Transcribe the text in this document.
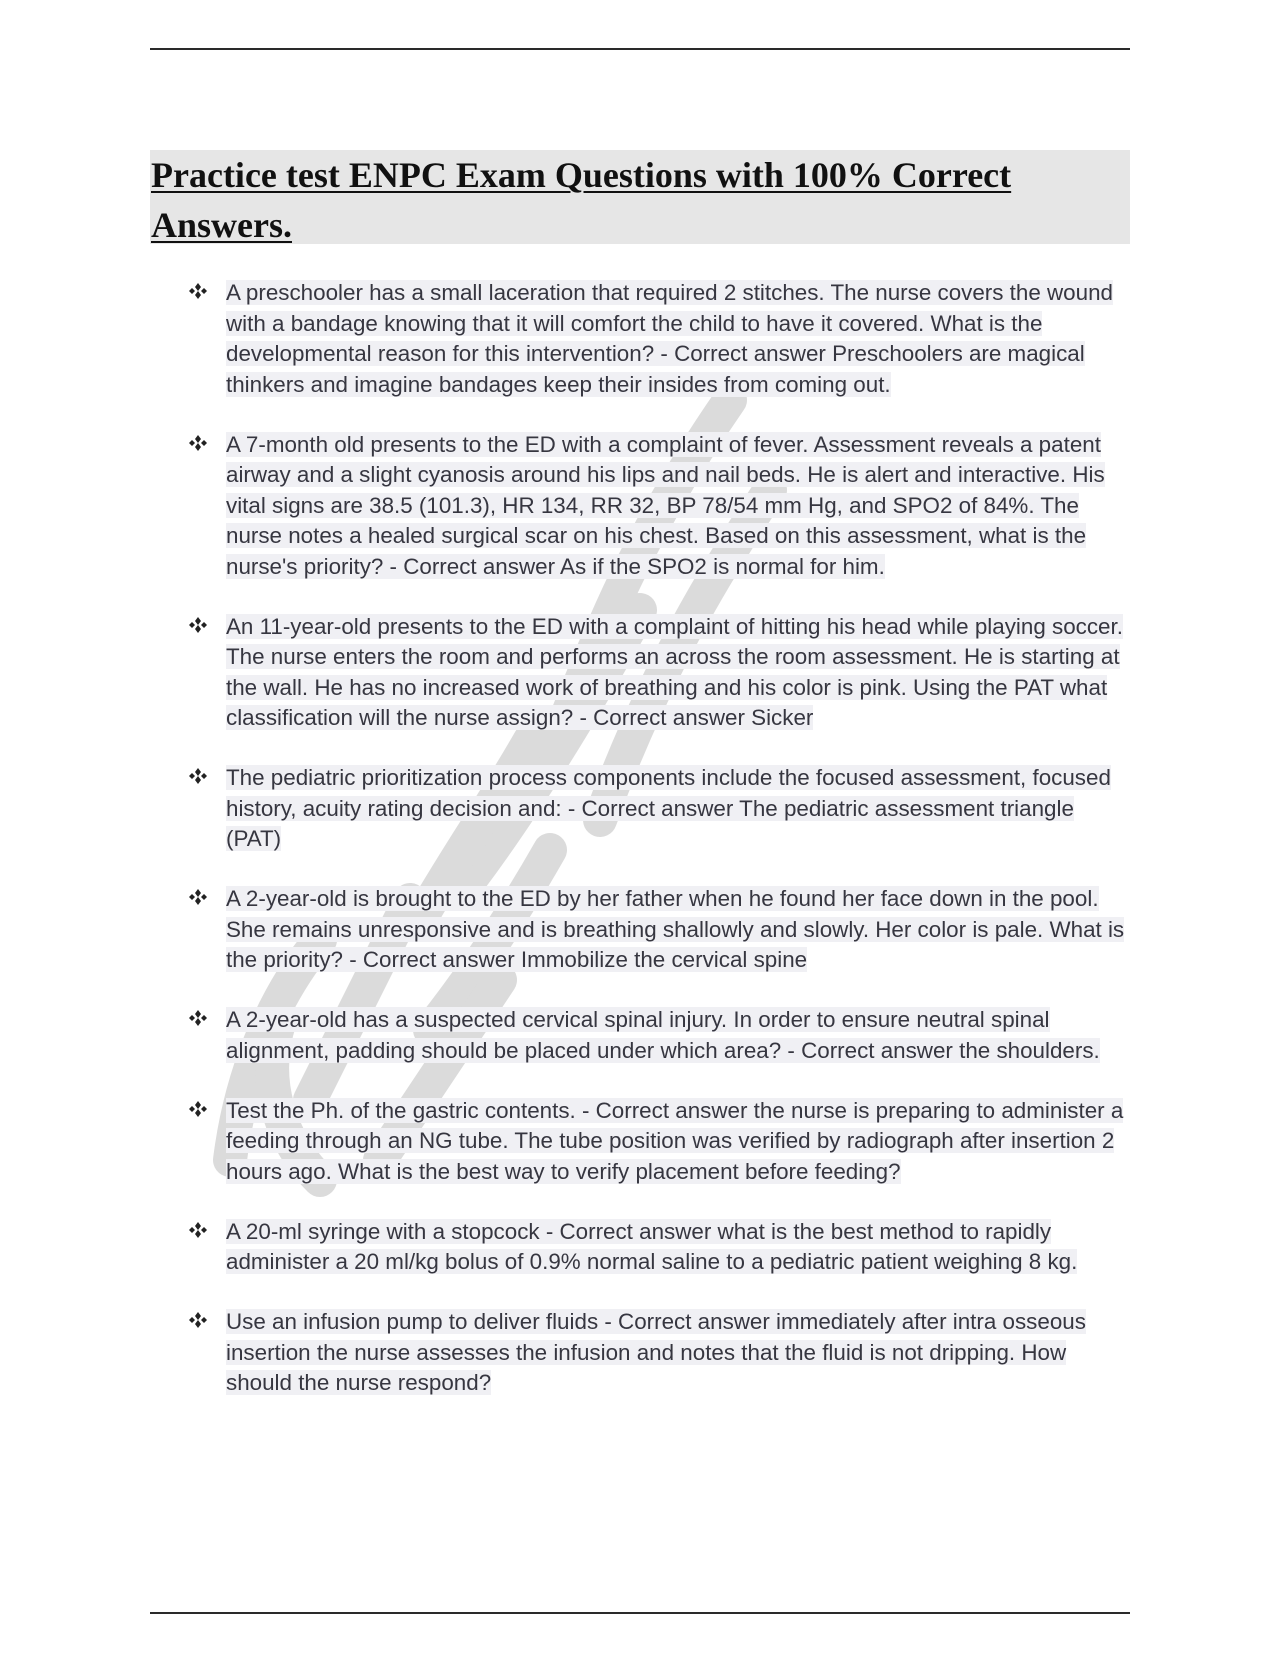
Practice test ENPC Exam Questions with 100% Correct Answers.
A preschooler has a small laceration that required 2 stitches. The nurse covers the wound with a bandage knowing that it will comfort the child to have it covered. What is the developmental reason for this intervention? - Correct answer Preschoolers are magical thinkers and imagine bandages keep their insides from coming out.
A 7-month old presents to the ED with a complaint of fever. Assessment reveals a patent airway and a slight cyanosis around his lips and nail beds. He is alert and interactive. His vital signs are 38.5 (101.3), HR 134, RR 32, BP 78/54 mm Hg, and SPO2 of 84%. The nurse notes a healed surgical scar on his chest. Based on this assessment, what is the nurse's priority? - Correct answer As if the SPO2 is normal for him.
An 11-year-old presents to the ED with a complaint of hitting his head while playing soccer. The nurse enters the room and performs an across the room assessment. He is starting at the wall. He has no increased work of breathing and his color is pink. Using the PAT what classification will the nurse assign? - Correct answer Sicker
The pediatric prioritization process components include the focused assessment, focused history, acuity rating decision and: - Correct answer The pediatric assessment triangle (PAT)
A 2-year-old is brought to the ED by her father when he found her face down in the pool. She remains unresponsive and is breathing shallowly and slowly. Her color is pale. What is the priority? - Correct answer Immobilize the cervical spine
A 2-year-old has a suspected cervical spinal injury. In order to ensure neutral spinal alignment, padding should be placed under which area? - Correct answer the shoulders.
Test the Ph. of the gastric contents. - Correct answer the nurse is preparing to administer a feeding through an NG tube. The tube position was verified by radiograph after insertion 2 hours ago. What is the best way to verify placement before feeding?
A 20-ml syringe with a stopcock - Correct answer what is the best method to rapidly administer a 20 ml/kg bolus of 0.9% normal saline to a pediatric patient weighing 8 kg.
Use an infusion pump to deliver fluids - Correct answer immediately after intra osseous insertion the nurse assesses the infusion and notes that the fluid is not dripping. How should the nurse respond?
